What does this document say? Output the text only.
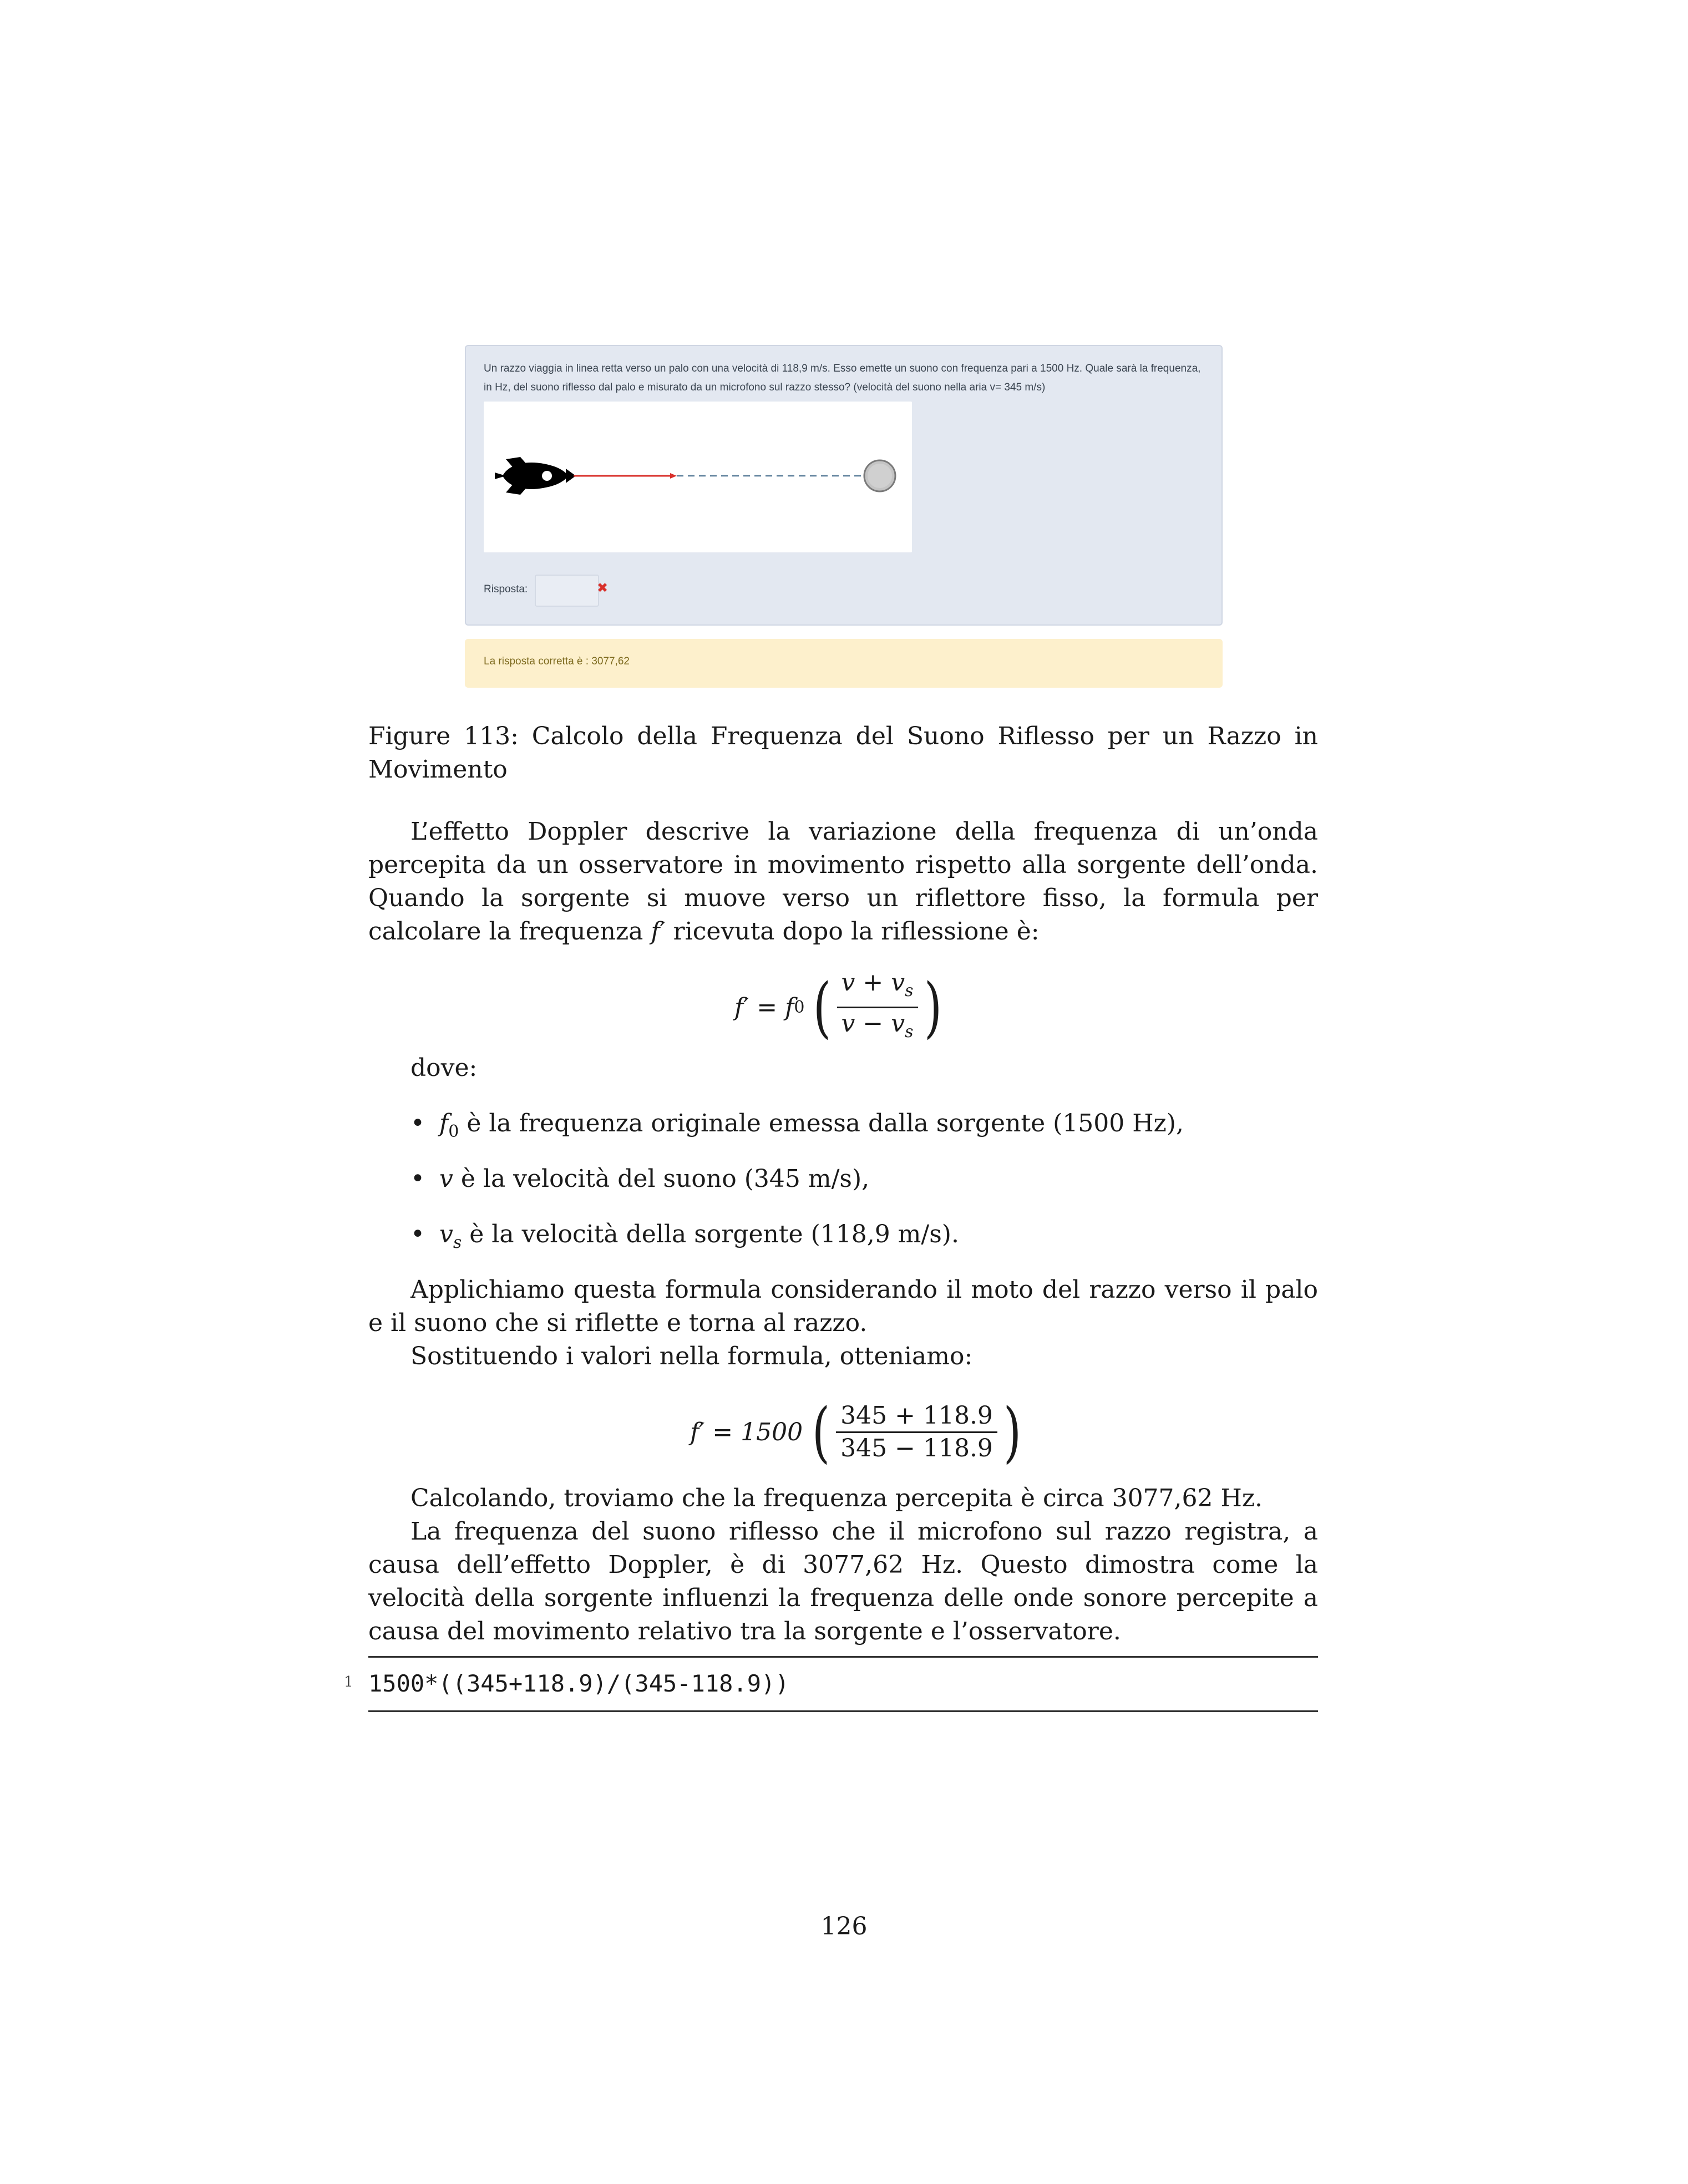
Un razzo viaggia in linea retta verso un palo con una velocità di 118,9 m/s. Esso emette un suono con frequenza pari a 1500 Hz. Quale sarà la frequenza, in Hz, del suono riflesso dal palo e misurato da un microfono sul razzo stesso? (velocità del suono nella aria v= 345 m/s)
Risposta:	✖
La risposta corretta è : 3077,62
Figure 113: Calcolo della Frequenza del Suono Riflesso per un Razzo in Movimento
L’effetto Doppler descrive la variazione della frequenza di un’onda percepita da un osservatore in movimento rispetto alla sorgente dell’onda. Quando la sorgente si muove verso un riflettore fisso, la formula per calcolare la frequenza f′ ricevuta dopo la riflessione è:
f′ = f 0 ( $\frac{v + v_s}{v - v_s}$ )
dove:
• $f_0$ è la frequenza originale emessa dalla sorgente (1500 Hz),
• v è la velocità del suono (345 m/s),
• $v_s$ è la velocità della sorgente (118,9 m/s).
Applichiamo questa formula considerando il moto del razzo verso il palo e il suono che si riflette e torna al razzo.
Sostituendo i valori nella formula, otteniamo:
f′ = 1500 ( $\frac{345 + 118.9}{345 - 118.9}$ )
Calcolando, troviamo che la frequenza percepita è circa 3077,62 Hz.
La frequenza del suono riflesso che il microfono sul razzo registra, a causa dell’effetto Doppler, è di 3077,62 Hz. Questo dimostra come la velocità della sorgente influenzi la frequenza delle onde sonore percepite a causa del movimento relativo tra la sorgente e l’osservatore.
1 1500*((345+118.9)/(345-118.9))
126
